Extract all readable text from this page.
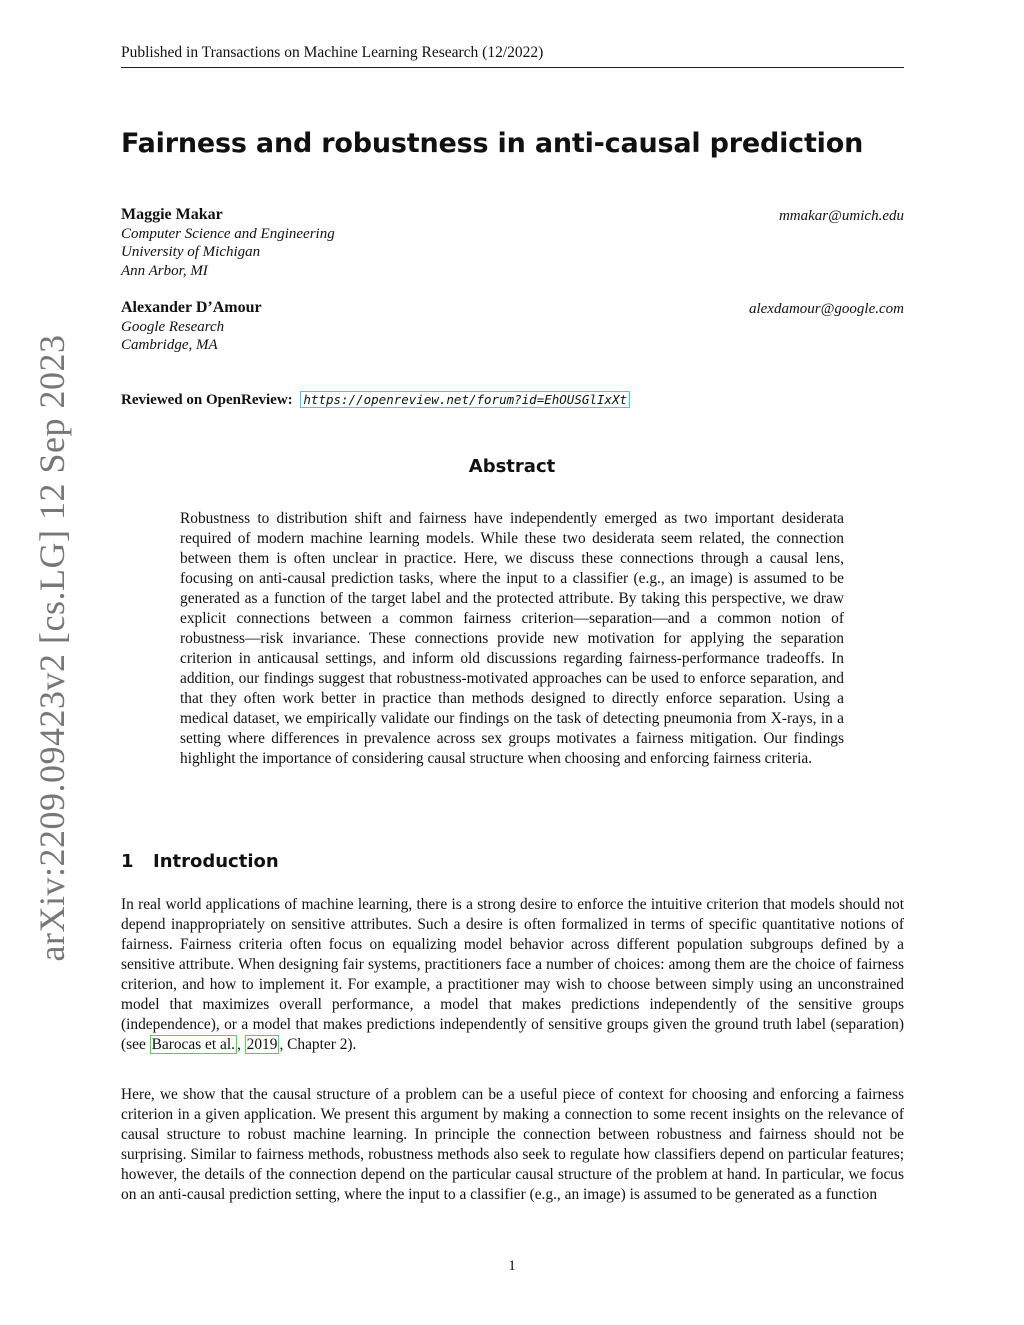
Published in Transactions on Machine Learning Research (12/2022)
arXiv:2209.09423v2 [cs.LG] 12 Sep 2023
Fairness and robustness in anti-causal prediction
Maggie Makar	mmakar@umich.edu
Computer Science and Engineering
University of Michigan
Ann Arbor, MI
Alexander D’Amour	alexdamour@google.com
Google Research
Cambridge, MA
Reviewed on OpenReview: https://openreview.net/forum?id=EhOUSGlIxXt
Abstract

Robustness to distribution shift and fairness have independently emerged as two important desiderata required of modern machine learning models. While these two desiderata seem related, the connection between them is often unclear in practice. Here, we discuss these connections through a causal lens, focusing on anti-causal prediction tasks, where the input to a classifier (e.g., an image) is assumed to be generated as a function of the target label and the protected attribute. By taking this perspective, we draw explicit connections between a common fairness criterion—separation—and a common notion of robustness—risk invariance. These connections provide new motivation for applying the separation criterion in anticausal settings, and inform old discussions regarding fairness-performance tradeoffs. In addition, our findings suggest that robustness-motivated approaches can be used to enforce separation, and that they often work better in practice than methods designed to directly enforce separation. Using a medical dataset, we empirically validate our findings on the task of detecting pneumonia from X-rays, in a setting where differences in prevalence across sex groups motivates a fairness mitigation. Our findings highlight the importance of considering causal structure when choosing and enforcing fairness criteria.

1 Introduction

In real world applications of machine learning, there is a strong desire to enforce the intuitive criterion that models should not depend inappropriately on sensitive attributes. Such a desire is often formalized in terms of specific quantitative notions of fairness. Fairness criteria often focus on equalizing model behavior across different population subgroups defined by a sensitive attribute. When designing fair systems, practitioners face a number of choices: among them are the choice of fairness criterion, and how to implement it. For example, a practitioner may wish to choose between simply using an unconstrained model that maximizes overall performance, a model that makes predictions independently of the sensitive groups (independence), or a model that makes predictions independently of sensitive groups given the ground truth label (separation) (see Barocas et al. , 2019 , Chapter 2).

Here, we show that the causal structure of a problem can be a useful piece of context for choosing and enforcing a fairness criterion in a given application. We present this argument by making a connection to some recent insights on the relevance of causal structure to robust machine learning. In principle the connection between robustness and fairness should not be surprising. Similar to fairness methods, robustness methods also seek to regulate how classifiers depend on particular features; however, the details of the connection depend on the particular causal structure of the problem at hand. In particular, we focus on an anti-causal prediction setting, where the input to a classifier (e.g., an image) is assumed to be generated as a function

1
